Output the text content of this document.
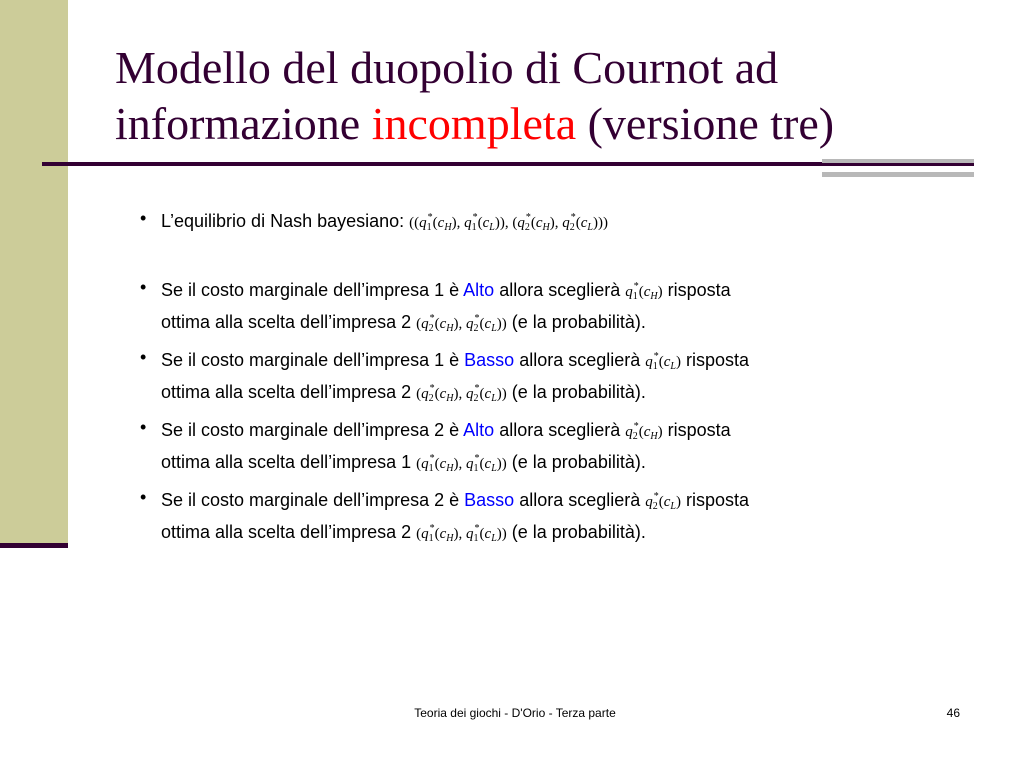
Modello del duopolio di Cournot ad
informazione incompleta (versione tre)
• L’equilibrio di Nash bayesiano: (($q_1^*(c_H)$, $q_1^*(c_L)$), ($q_2^*(c_H)$, $q_2^*(c_L)$))
• Se il costo marginale dell’impresa 1 è Alto allora sceglierà $q_1^*(c_H)$ risposta
ottima alla scelta dell’impresa 2 ($q_2^*(c_H)$, $q_2^*(c_L)$) (e la probabilità).
• Se il costo marginale dell’impresa 1 è Basso allora sceglierà $q_1^*(c_L)$ risposta
ottima alla scelta dell’impresa 2 ($q_2^*(c_H)$, $q_2^*(c_L)$) (e la probabilità).
• Se il costo marginale dell’impresa 2 è Alto allora sceglierà $q_2^*(c_H)$ risposta
ottima alla scelta dell’impresa 1 ($q_1^*(c_H)$, $q_1^*(c_L)$) (e la probabilità).
• Se il costo marginale dell’impresa 2 è Basso allora sceglierà $q_2^*(c_L)$ risposta
ottima alla scelta dell’impresa 2 ($q_1^*(c_H)$, $q_1^*(c_L)$) (e la probabilità).
Teoria dei giochi - D'Orio - Terza parte	46
